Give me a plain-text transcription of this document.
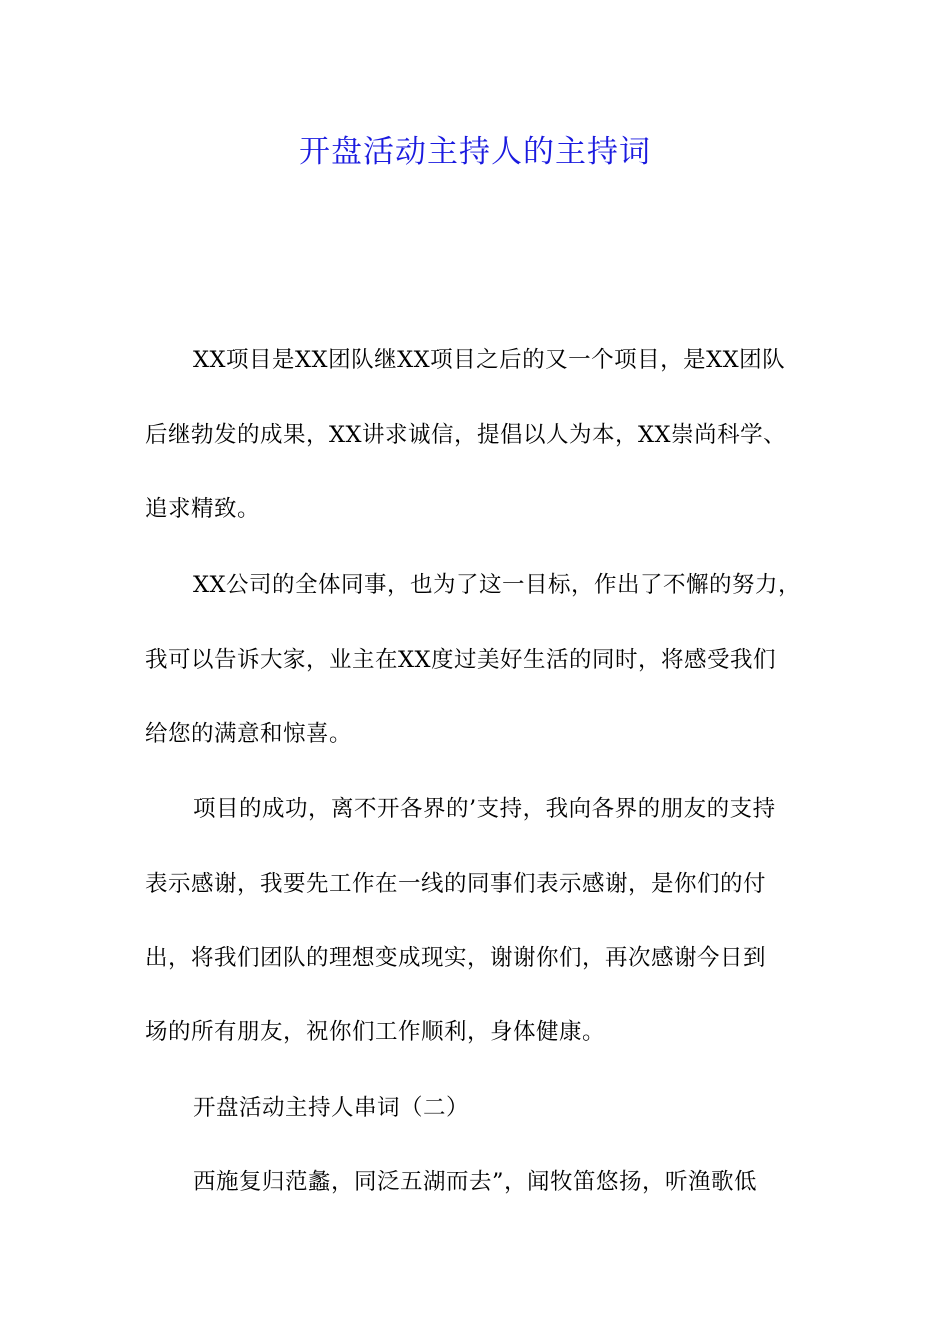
开盘活动主持人的主持词
XX项目是XX团队继XX项目之后的又一个项目，是XX团队
后继勃发的成果，XX讲求诚信，提倡以人为本，XX崇尚科学、
追求精致。
XX公司的全体同事，也为了这一目标，作出了不懈的努力，
我可以告诉大家，业主在XX度过美好生活的同时，将感受我们
给您的满意和惊喜。
项目的成功，离不开各界的’支持，我向各界的朋友的支持
表示感谢，我要先工作在一线的同事们表示感谢，是你们的付
出，将我们团队的理想变成现实，谢谢你们，再次感谢今日到
场的所有朋友，祝你们工作顺利，身体健康。
开盘活动主持人串词（二）
西施复归范蠡，同泛五湖而去”，闻牧笛悠扬，听渔歌低
